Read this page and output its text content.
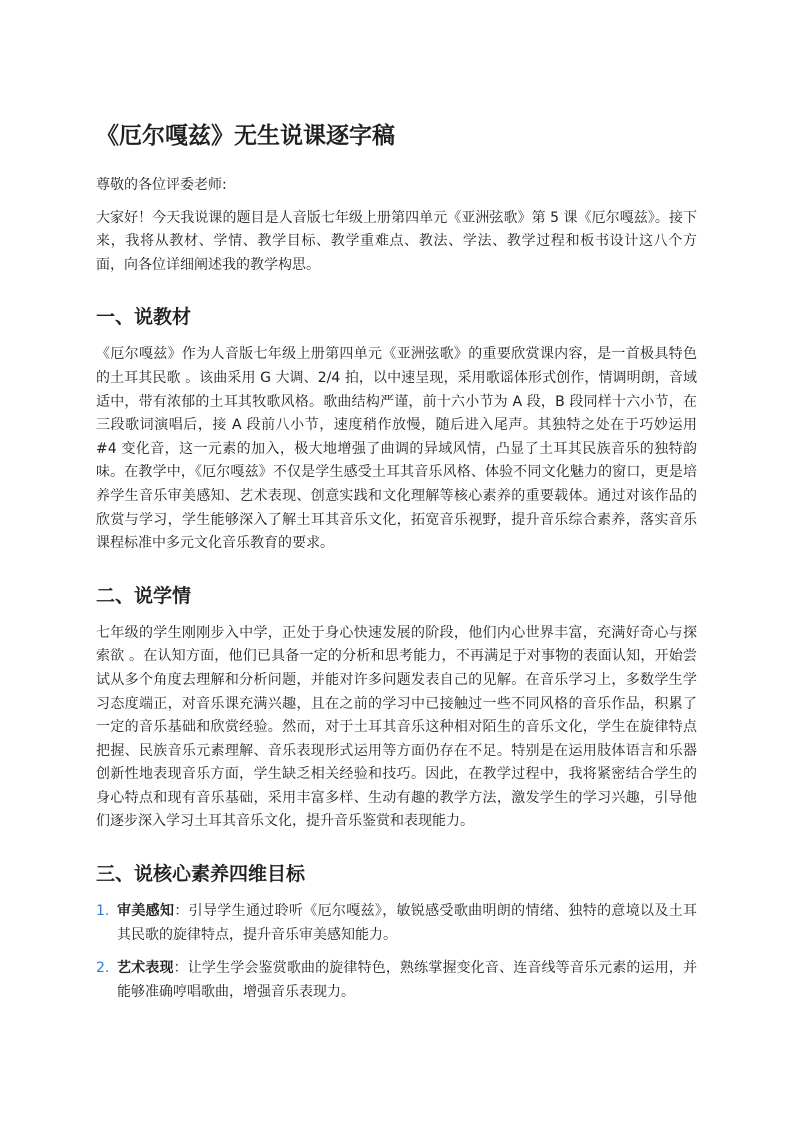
《厄尔嘎兹》无生说课逐字稿

尊敬的各位评委老师:

大家好！今天我说课的题目是人音版七年级上册第四单元《亚洲弦歌》第 5 课《厄尔嘎兹》。接下来，我将从教材、学情、教学目标、教学重难点、教法、学法、教学过程和板书设计这八个方面，向各位详细阐述我的教学构思。

一、说教材

《厄尔嘎兹》作为人音版七年级上册第四单元《亚洲弦歌》的重要欣赏课内容，是一首极具特色的土耳其民歌 。该曲采用 G 大调、2/4 拍，以中速呈现，采用歌谣体形式创作，情调明朗，音域适中，带有浓郁的土耳其牧歌风格。歌曲结构严谨，前十六小节为 A 段，B 段同样十六小节，在三段歌词演唱后，接 A 段前八小节，速度稍作放慢，随后进入尾声。其独特之处在于巧妙运用 #4 变化音，这一元素的加入，极大地增强了曲调的异域风情，凸显了土耳其民族音乐的独特韵味。在教学中，《厄尔嘎兹》不仅是学生感受土耳其音乐风格、体验不同文化魅力的窗口，更是培养学生音乐审美感知、艺术表现、创意实践和文化理解等核心素养的重要载体。通过对该作品的欣赏与学习，学生能够深入了解土耳其音乐文化，拓宽音乐视野，提升音乐综合素养，落实音乐课程标准中多元文化音乐教育的要求。

二、说学情

七年级的学生刚刚步入中学，正处于身心快速发展的阶段，他们内心世界丰富，充满好奇心与探索欲 。在认知方面，他们已具备一定的分析和思考能力，不再满足于对事物的表面认知，开始尝试从多个角度去理解和分析问题，并能对许多问题发表自己的见解。在音乐学习上，多数学生学习态度端正，对音乐课充满兴趣，且在之前的学习中已接触过一些不同风格的音乐作品，积累了一定的音乐基础和欣赏经验。然而，对于土耳其音乐这种相对陌生的音乐文化，学生在旋律特点把握、民族音乐元素理解、音乐表现形式运用等方面仍存在不足。特别是在运用肢体语言和乐器创新性地表现音乐方面，学生缺乏相关经验和技巧。因此，在教学过程中，我将紧密结合学生的身心特点和现有音乐基础，采用丰富多样、生动有趣的教学方法，激发学生的学习兴趣，引导他们逐步深入学习土耳其音乐文化，提升音乐鉴赏和表现能力。

三、说核心素养四维目标
1. 审美感知：引导学生通过聆听《厄尔嘎兹》，敏锐感受歌曲明朗的情绪、独特的意境以及土耳其民歌的旋律特点，提升音乐审美感知能力。
2. 艺术表现：让学生学会鉴赏歌曲的旋律特色，熟练掌握变化音、连音线等音乐元素的运用，并能够准确哼唱歌曲，增强音乐表现力。
